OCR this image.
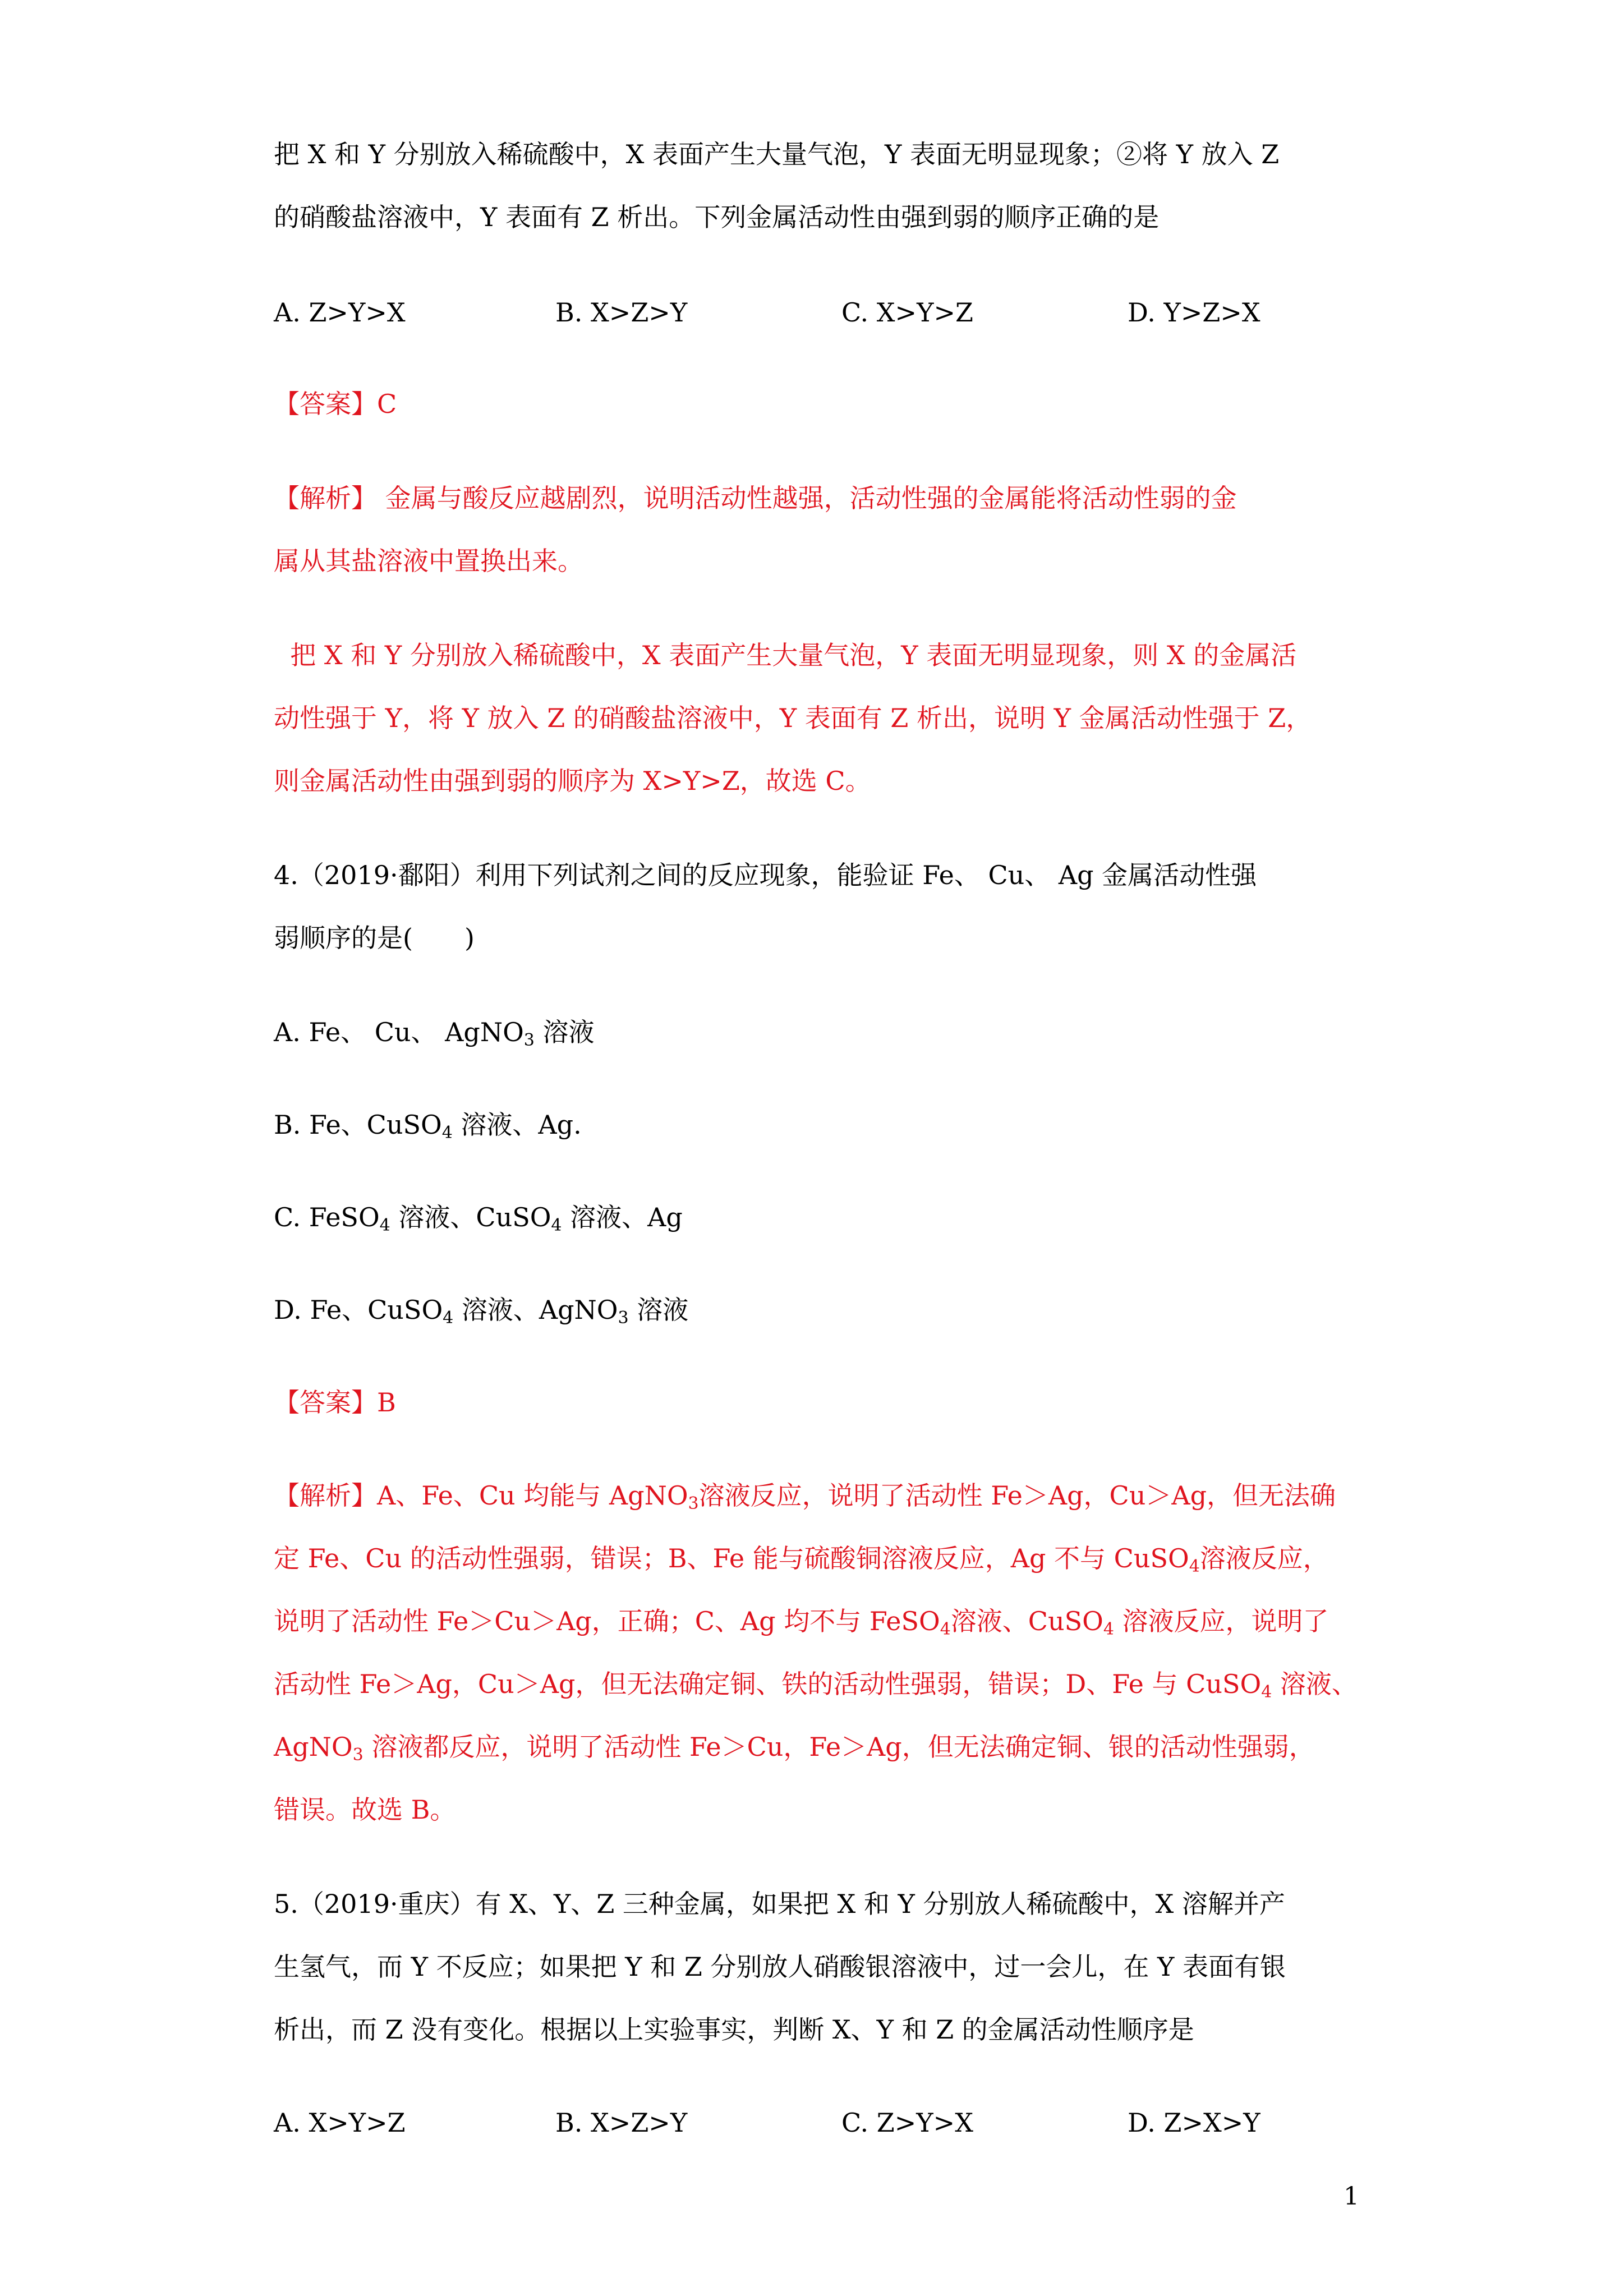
把 X 和 Y 分别放入稀硫酸中，X 表面产生大量气泡，Y 表面无明显现象；②将 Y 放入 Z
的硝酸盐溶液中，Y 表面有 Z 析出。下列金属活动性由强到弱的顺序正确的是
A. Z>Y>X	B. X>Z>Y	C. X>Y>Z	D. Y>Z>X
【答案】C
【解析】 金属与酸反应越剧烈，说明活动性越强，活动性强的金属能将活动性弱的金
属从其盐溶液中置换出来。
把 X 和 Y 分别放入稀硫酸中，X 表面产生大量气泡，Y 表面无明显现象，则 X 的金属活
动性强于 Y，将 Y 放入 Z 的硝酸盐溶液中，Y 表面有 Z 析出，说明 Y 金属活动性强于 Z，
则金属活动性由强到弱的顺序为 X>Y>Z，故选 C。
4.（2019·鄱阳）利用下列试剂之间的反应现象，能验证 Fe、 Cu、 Ag 金属活动性强
弱顺序的是(　　)
A. Fe、 Cu、 AgNO$_3$ 溶液
B. Fe、CuSO$_4$ 溶液、Ag.
C. FeSO$_4$ 溶液、CuSO$_4$ 溶液、Ag
D. Fe、CuSO$_4$ 溶液、AgNO$_3$ 溶液
【答案】B
【解析】A、Fe、Cu 均能与 AgNO$_3$溶液反应，说明了活动性 Fe＞Ag，Cu＞Ag，但无法确
定 Fe、Cu 的活动性强弱，错误；B、Fe 能与硫酸铜溶液反应，Ag 不与 CuSO$_4$溶液反应，
说明了活动性 Fe＞Cu＞Ag，正确；C、Ag 均不与 FeSO$_4$溶液、CuSO$_4$ 溶液反应，说明了
活动性 Fe＞Ag，Cu＞Ag，但无法确定铜、铁的活动性强弱，错误；D、Fe 与 CuSO$_4$ 溶液、
AgNO$_3$ 溶液都反应，说明了活动性 Fe＞Cu，Fe＞Ag，但无法确定铜、银的活动性强弱，
错误。故选 B。
5.（2019·重庆）有 X、Y、Z 三种金属，如果把 X 和 Y 分别放人稀硫酸中，X 溶解并产
生氢气，而 Y 不反应；如果把 Y 和 Z 分别放人硝酸银溶液中，过一会儿，在 Y 表面有银
析出，而 Z 没有变化。根据以上实验事实，判断 X、Y 和 Z 的金属活动性顺序是
A. X>Y>Z	B. X>Z>Y	C. Z>Y>X	D. Z>X>Y
1
